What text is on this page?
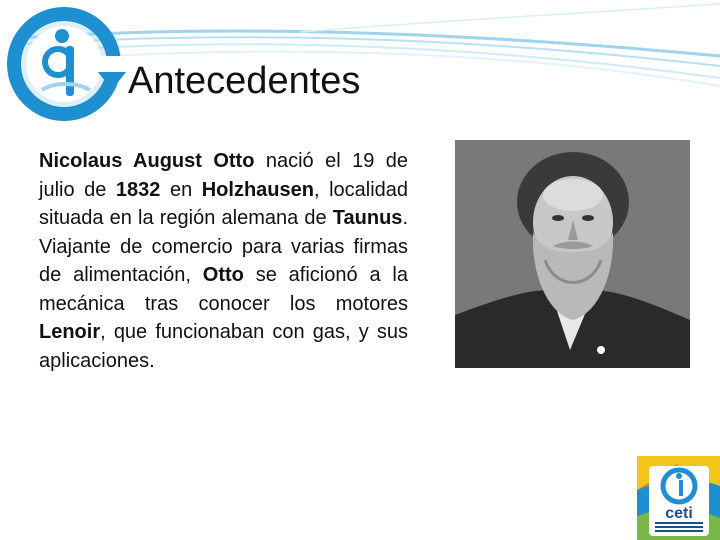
Antecedentes
Nicolaus August Otto nació el 19 de julio de 1832 en Holzhausen, localidad situada en la región alemana de Taunus. Viajante de comercio para varias firmas de alimentación, Otto se aficionó a la mecánica tras conocer los motores Lenoir, que funcionaban con gas, y sus aplicaciones.
ceti
